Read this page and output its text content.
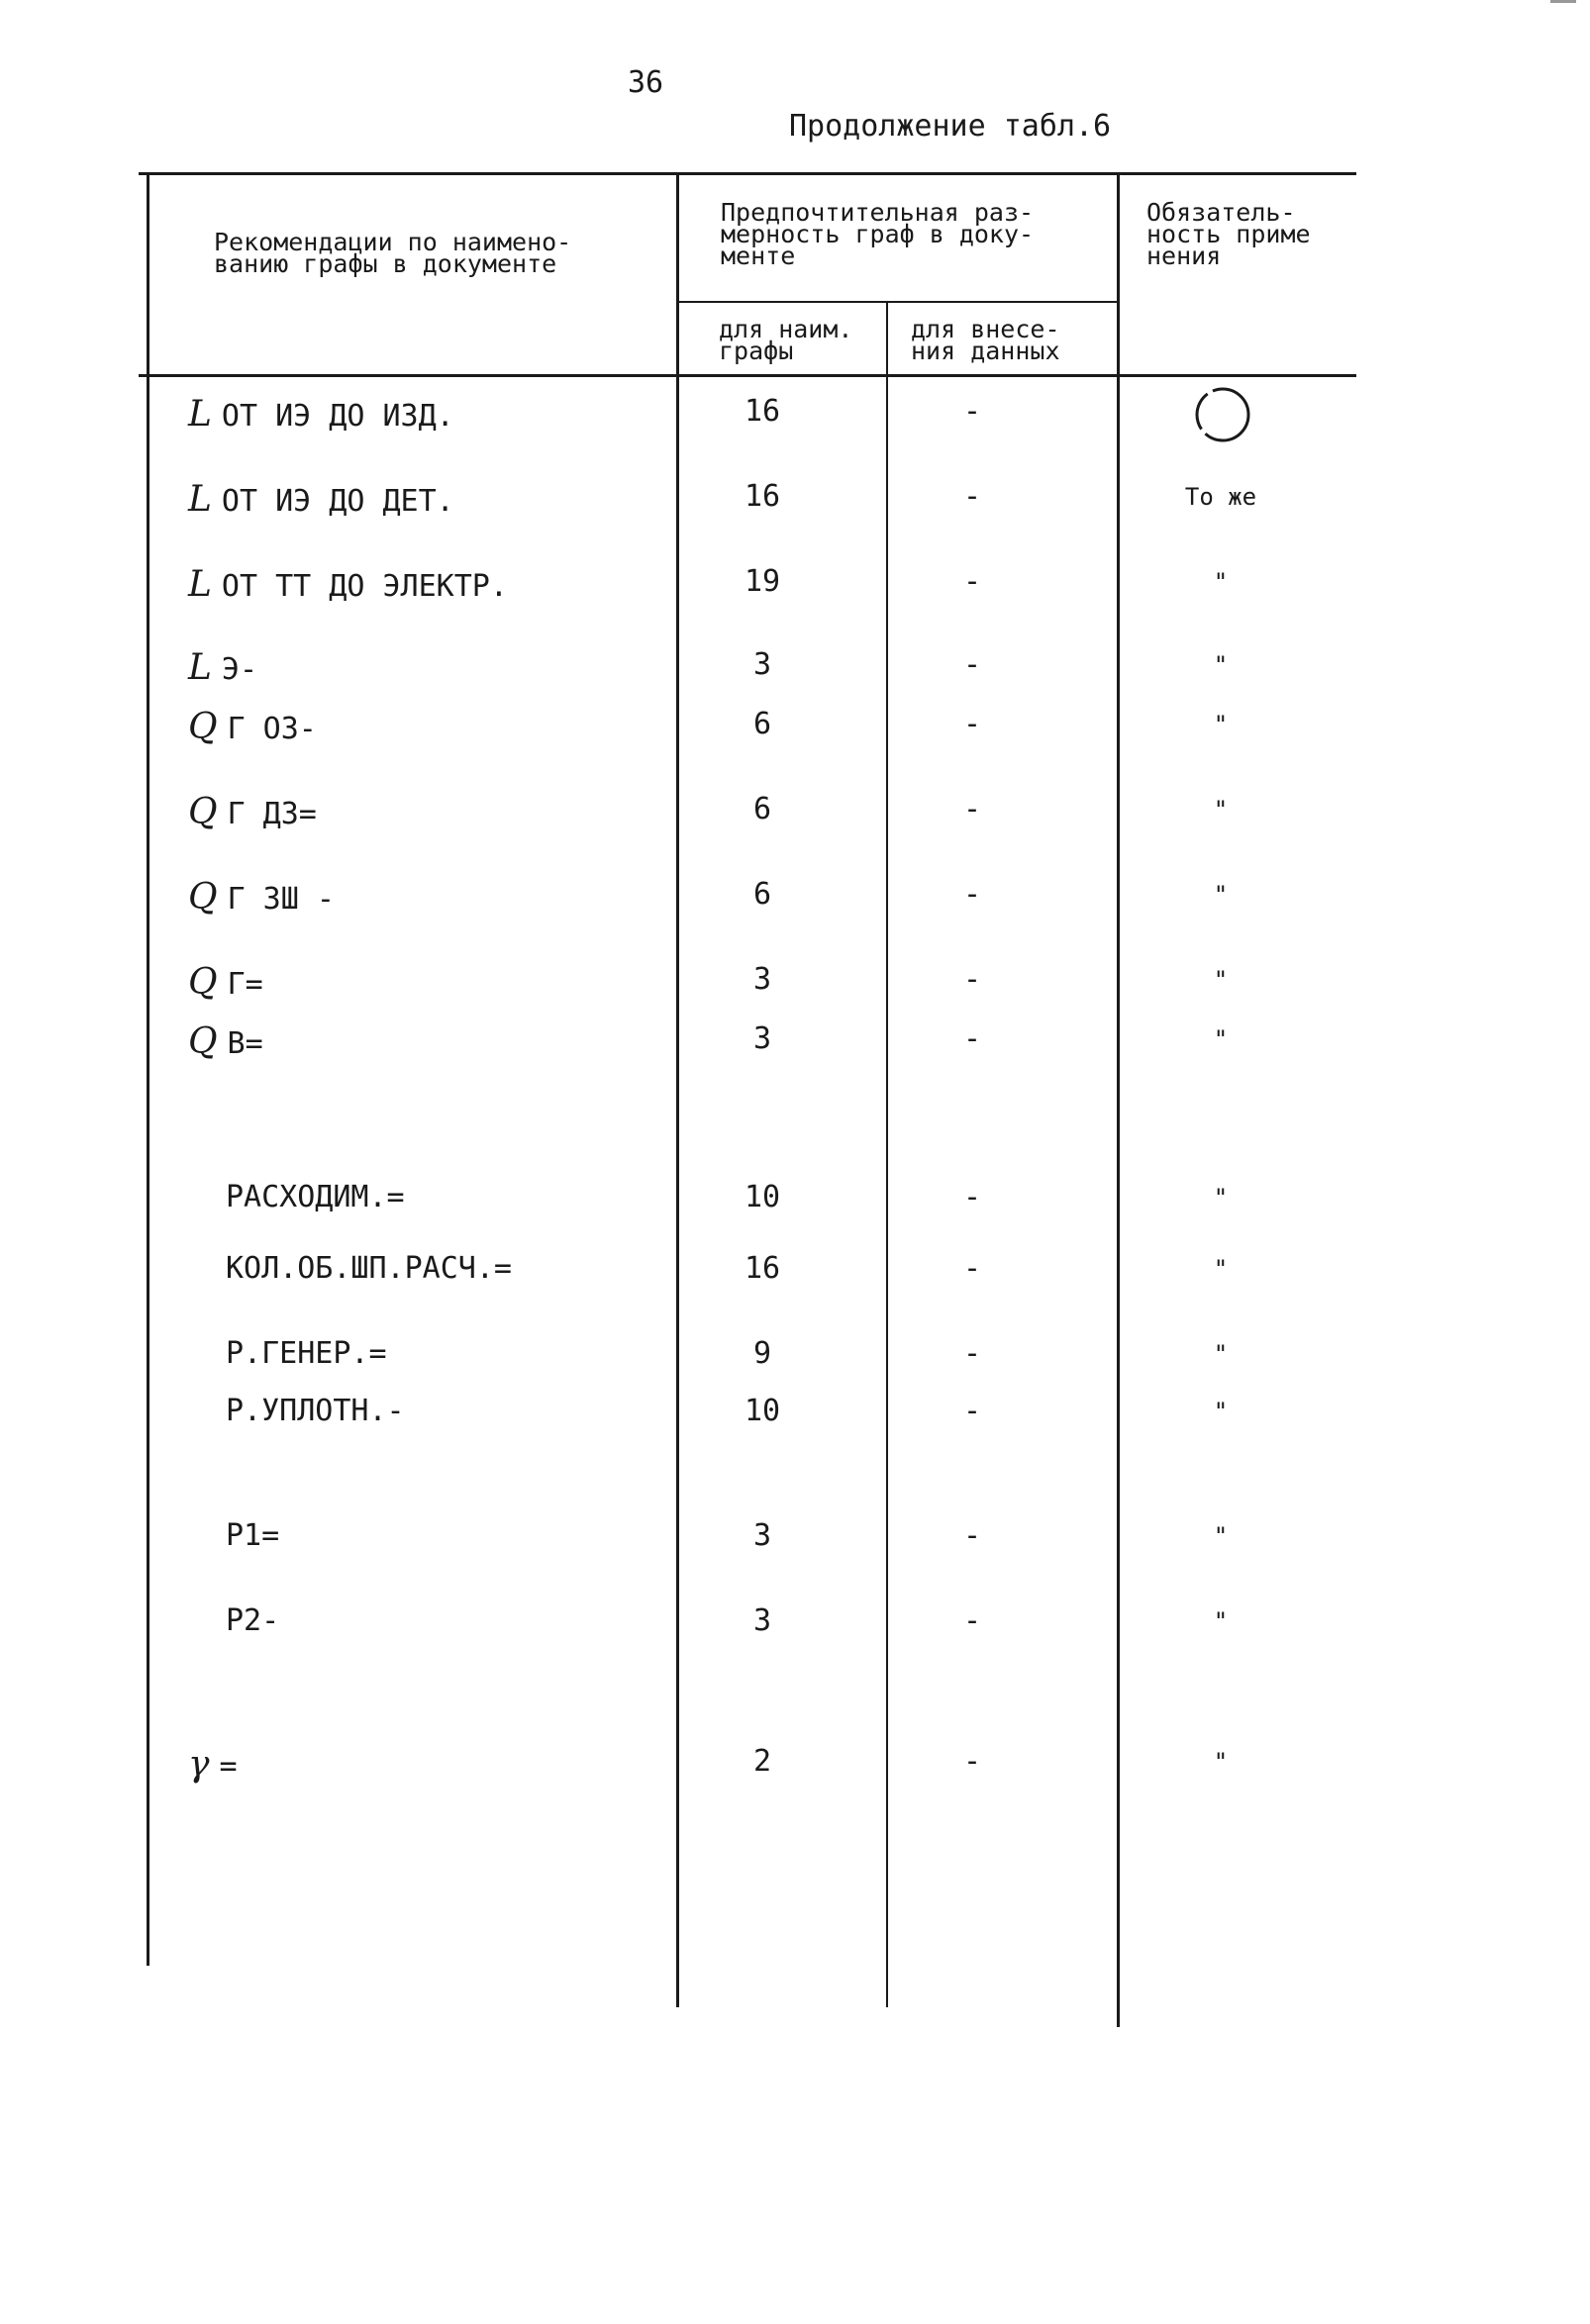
36
Продолжение табл.6
Рекомендации по наимено-
ванию графы в документе
Предпочтительная раз-
мерность граф в доку-
менте
для наим.
графы
для внесе-
ния данных
Обязатель-
ность приме
нения
L ОТ ИЭ ДО ИЗД.	16	-
L ОТ ИЭ ДО ДЕТ.	16	-	То же
L ОТ ТТ ДО ЭЛЕКТР.	19	-	"
L Э-	3	-	"
Q Г ОЗ-	6	-	"
Q Г ДЗ=	6	-	"
Q Г ЗШ -	6	-	"
Q Г=	3	-	"
Q В=	3	-	"
РАСХОДИМ.=	10	-	"
КОЛ.ОБ.ШП.РАСЧ.=	16	-	"
Р.ГЕНЕР.=	9	-	"
Р.УПЛОТН.-	10	-	"
Р1=	3	-	"
Р2-	3	-	"
γ =	2	-	"
